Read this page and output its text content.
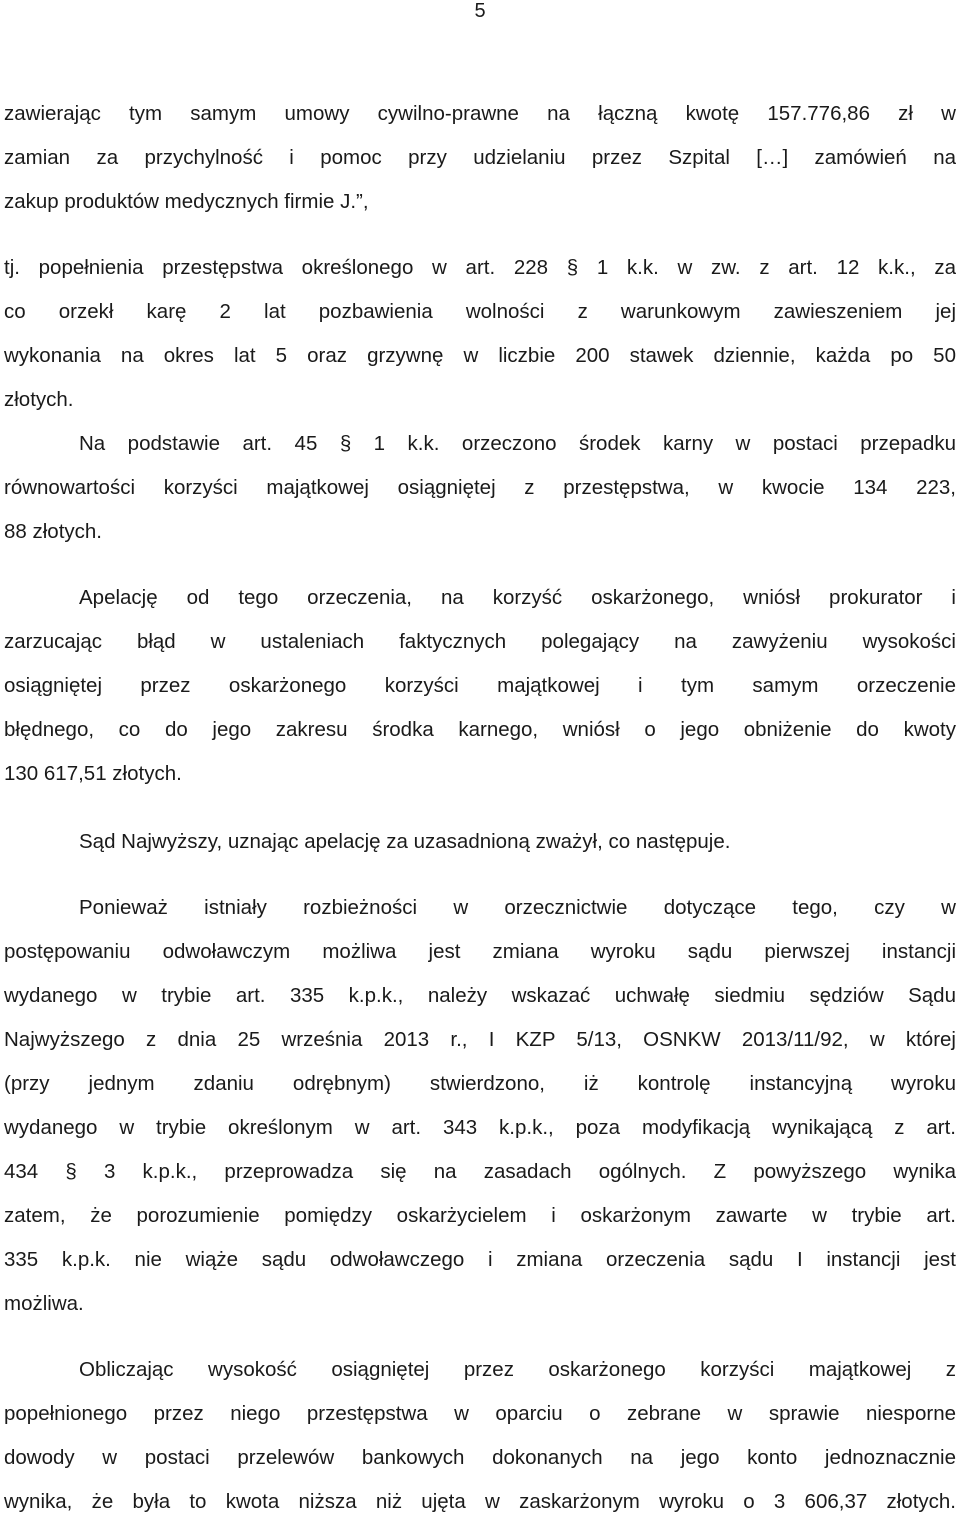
5
zawierając tym samym umowy cywilno-prawne na łączną kwotę 157.776,86 zł w
zamian za przychylność i pomoc przy udzielaniu przez Szpital […] zamówień na
zakup produktów medycznych firmie J.”,
tj. popełnienia przestępstwa określonego w art. 228 § 1 k.k. w zw. z art. 12 k.k., za
co orzekł karę 2 lat pozbawienia wolności z warunkowym zawieszeniem jej
wykonania na okres lat 5 oraz grzywnę w liczbie 200 stawek dziennie, każda po 50
złotych.
Na podstawie art. 45 § 1 k.k. orzeczono środek karny w postaci przepadku
równowartości korzyści majątkowej osiągniętej z przestępstwa, w kwocie 134 223,
88 złotych.
Apelację od tego orzeczenia, na korzyść oskarżonego, wniósł prokurator i
zarzucając błąd w ustaleniach faktycznych polegający na zawyżeniu wysokości
osiągniętej przez oskarżonego korzyści majątkowej i tym samym orzeczenie
błędnego, co do jego zakresu środka karnego, wniósł o jego obniżenie do kwoty
130 617,51 złotych.
Sąd Najwyższy, uznając apelację za uzasadnioną zważył, co następuje.
Ponieważ istniały rozbieżności w orzecznictwie dotyczące tego, czy w
postępowaniu odwoławczym możliwa jest zmiana wyroku sądu pierwszej instancji
wydanego w trybie art. 335 k.p.k., należy wskazać uchwałę siedmiu sędziów Sądu
Najwyższego z dnia 25 września 2013 r., I KZP 5/13, OSNKW 2013/11/92, w której
(przy jednym zdaniu odrębnym) stwierdzono, iż kontrolę instancyjną wyroku
wydanego w trybie określonym w art. 343 k.p.k., poza modyfikacją wynikającą z art.
434 § 3 k.p.k., przeprowadza się na zasadach ogólnych. Z powyższego wynika
zatem, że porozumienie pomiędzy oskarżycielem i oskarżonym zawarte w trybie art.
335 k.p.k. nie wiąże sądu odwoławczego i zmiana orzeczenia sądu I instancji jest
możliwa.
Obliczając wysokość osiągniętej przez oskarżonego korzyści majątkowej z
popełnionego przez niego przestępstwa w oparciu o zebrane w sprawie niesporne
dowody w postaci przelewów bankowych dokonanych na jego konto jednoznacznie
wynika, że była to kwota niższa niż ujęta w zaskarżonym wyroku o 3 606,37 złotych.
